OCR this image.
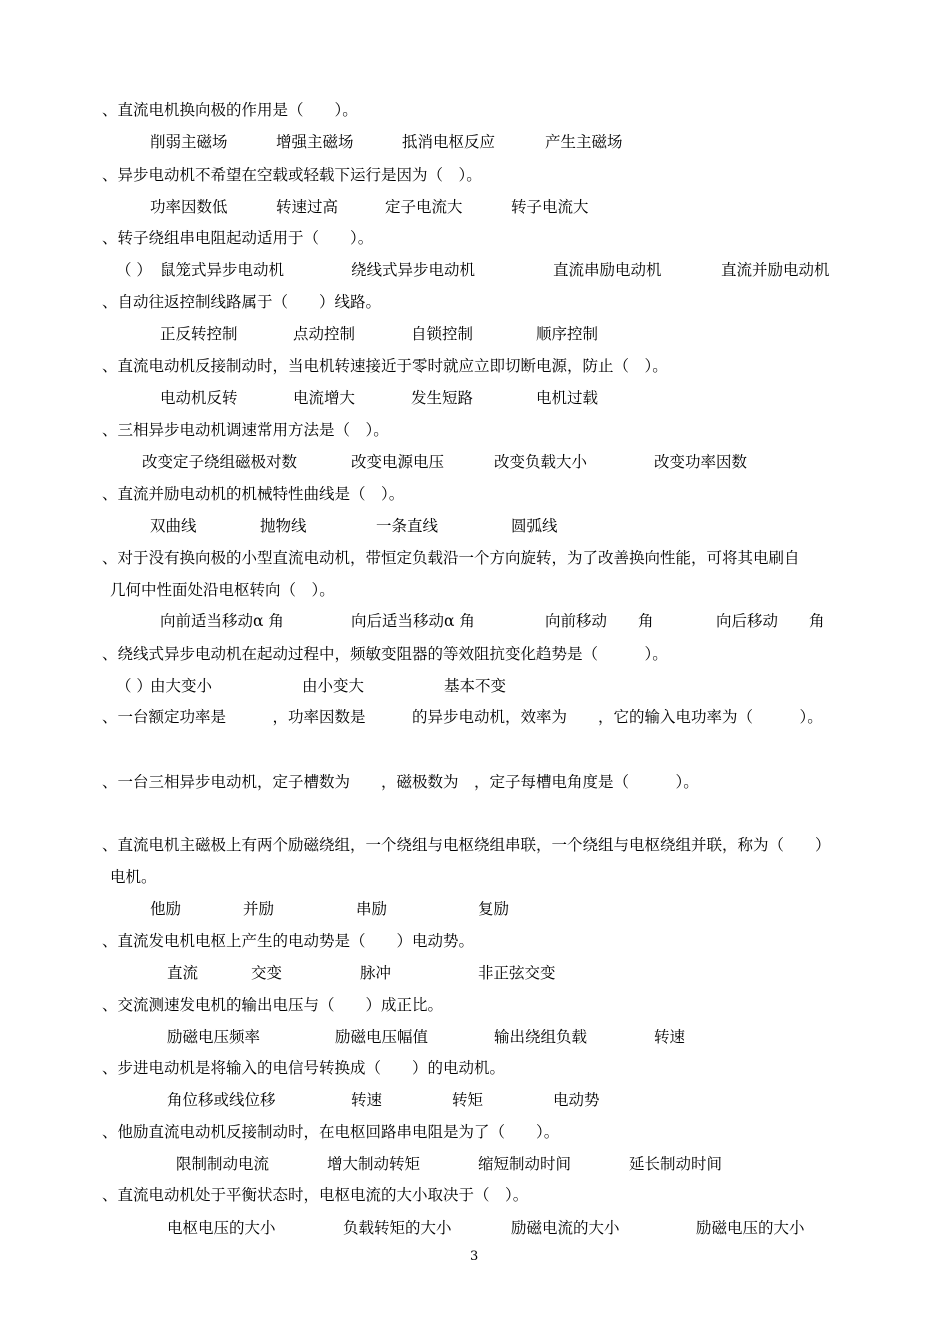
、直流电机换向极的作用是（　　）。
削弱主磁场	增强主磁场	抵消电枢反应	产生主磁场
、异步电动机不希望在空载或轻载下运行是因为（　）。
功率因数低	转速过高	定子电流大	转子电流大
、转子绕组串电阻起动适用于（　　）。
（ ） 鼠笼式异步电动机	绕线式异步电动机	直流串励电动机	直流并励电动机
、自动往返控制线路属于（　　）线路。
正反转控制	点动控制	自锁控制	顺序控制
、直流电动机反接制动时，当电机转速接近于零时就应立即切断电源，防止（　）。
电动机反转	电流增大	发生短路	电机过载
、三相异步电动机调速常用方法是（　）。
改变定子绕组磁极对数	改变电源电压	改变负载大小	改变功率因数
、直流并励电动机的机械特性曲线是（　）。
双曲线	抛物线	一条直线	圆弧线
、对于没有换向极的小型直流电动机，带恒定负载沿一个方向旋转，为了改善换向性能，可将其电刷自
几何中性面处沿电枢转向（　）。
向前适当移动α 角	向后适当移动α 角	向前移动　　角	向后移动　　角
、绕线式异步电动机在起动过程中，频敏变阻器的等效阻抗变化趋势是（　　　）。
（ ）
由大变小	由小变大	基本不变
、一台额定功率是　　　，功率因数是　　　的异步电动机，效率为　　，它的输入电功率为（　　　）。
、一台三相异步电动机，定子槽数为　　，磁极数为　，定子每槽电角度是（　　　）。
、直流电机主磁极上有两个励磁绕组，一个绕组与电枢绕组串联，一个绕组与电枢绕组并联，称为（　　）
电机。
他励	并励	串励	复励
、直流发电机电枢上产生的电动势是（　　）电动势。
直流	交变	脉冲	非正弦交变
、交流测速发电机的输出电压与（　　）成正比。
励磁电压频率	励磁电压幅值	输出绕组负载	转速
、步进电动机是将输入的电信号转换成（　　）的电动机。
角位移或线位移	转速	转矩	电动势
、他励直流电动机反接制动时，在电枢回路串电阻是为了（　　）。
限制制动电流	增大制动转矩	缩短制动时间	延长制动时间
、直流电动机处于平衡状态时，电枢电流的大小取决于（　）。
电枢电压的大小	负载转矩的大小	励磁电流的大小	励磁电压的大小
3
